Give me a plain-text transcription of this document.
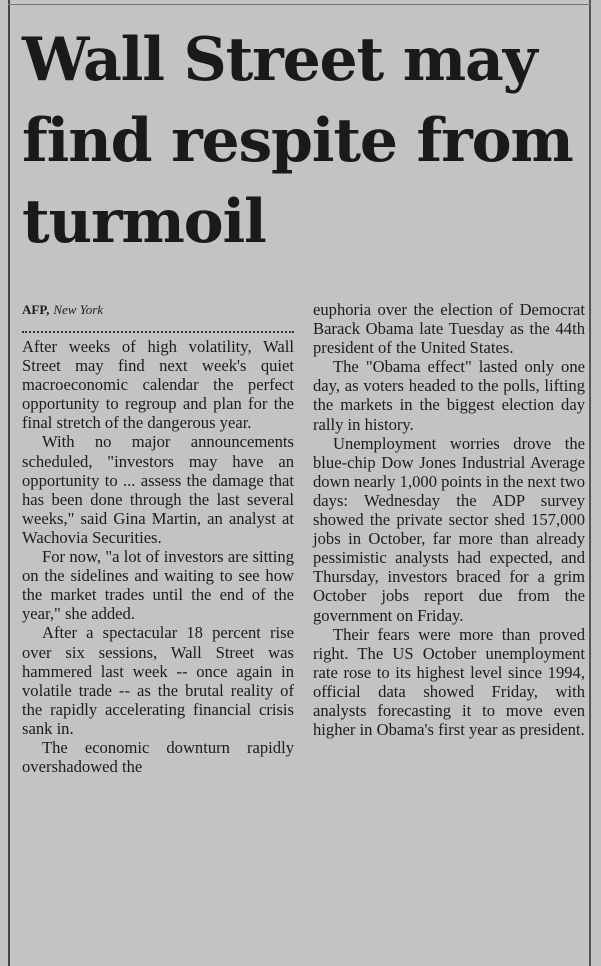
Wall Street may find respite from turmoil
AFP, New York

After weeks of high volatility, Wall Street may find next week's quiet macroeconomic calendar the perfect opportunity to regroup and plan for the final stretch of the dangerous year.

With no major announcements scheduled, "investors may have an opportunity to ... assess the damage that has been done through the last several weeks," said Gina Martin, an analyst at Wachovia Securities.

For now, "a lot of investors are sitting on the sidelines and waiting to see how the market trades until the end of the year," she added.

After a spectacular 18 percent rise over six sessions, Wall Street was hammered last week -- once again in volatile trade -- as the brutal reality of the rapidly accelerating financial crisis sank in.

The economic downturn rapidly overshadowed the

euphoria over the election of Democrat Barack Obama late Tuesday as the 44th president of the United States.

The "Obama effect" lasted only one day, as voters headed to the polls, lifting the markets in the biggest election day rally in history.

Unemployment worries drove the blue-chip Dow Jones Industrial Average down nearly 1,000 points in the next two days: Wednesday the ADP survey showed the private sector shed 157,000 jobs in October, far more than already pessimistic analysts had expected, and Thursday, investors braced for a grim October jobs report due from the government on Friday.

Their fears were more than proved right. The US October unemployment rate rose to its highest level since 1994, official data showed Friday, with analysts forecasting it to move even higher in Obama's first year as president.
